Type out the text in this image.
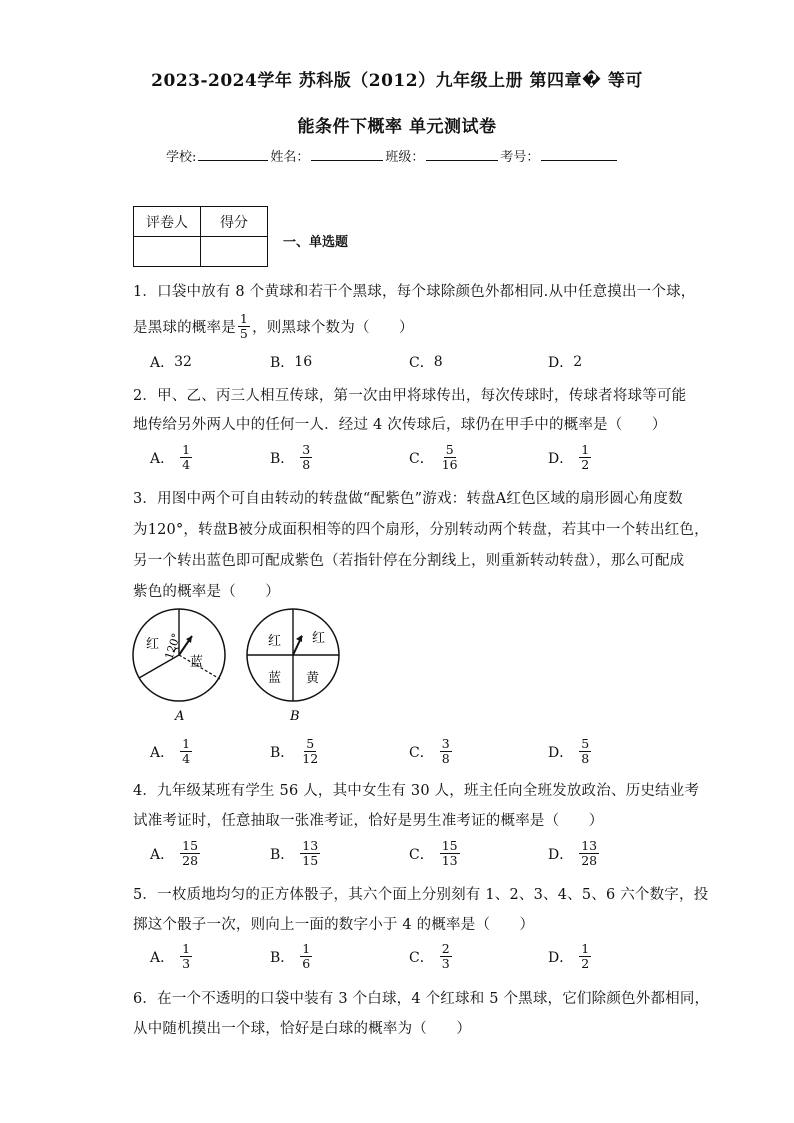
2023-2024学年 苏科版（2012）九年级上册 第四章� 等可
能条件下概率 单元测试卷
学校:	姓名：	班级：	考号：
评卷人	得分

一、单选题
1．口袋中放有 8 个黄球和若干个黑球，每个球除颜色外都相同.从中任意摸出一个球，
是黑球的概率是 $\frac{1}{5}$ ，则黑球个数为（　　）
A． 32	B． 16	C． 8	D． 2
2．甲、乙、丙三人相互传球，第一次由甲将球传出，每次传球时，传球者将球等可能
地传给另外两人中的任何一人．经过 4 次传球后，球仍在甲手中的概率是（　　）
A． $\frac{1}{4}$	B． $\frac{3}{8}$	C． $\frac{5}{16}$	D． $\frac{1}{2}$
3．用图中两个可自由转动的转盘做“配紫色”游戏：转盘A红色区域的扇形圆心角度数
为120°，转盘B被分成面积相等的四个扇形，分别转动两个转盘，若其中一个转出红色，
另一个转出蓝色即可配成紫色（若指针停在分割线上，则重新转动转盘），那么可配成
紫色的概率是（　　）
红
蓝
120°
A
红 红
蓝 黄
B
A． $\frac{1}{4}$	B． $\frac{5}{12}$	C． $\frac{3}{8}$	D． $\frac{5}{8}$
4．九年级某班有学生 56 人，其中女生有 30 人，班主任向全班发放政治、历史结业考
试准考证时，任意抽取一张准考证，恰好是男生准考证的概率是（　　）
A． $\frac{15}{28}$	B． $\frac{13}{15}$	C． $\frac{15}{13}$	D． $\frac{13}{28}$
5．一枚质地均匀的正方体骰子，其六个面上分别刻有 1、2、3、4、5、6 六个数字，投
掷这个骰子一次，则向上一面的数字小于 4 的概率是（　　）
A． $\frac{1}{3}$	B． $\frac{1}{6}$	C． $\frac{2}{3}$	D． $\frac{1}{2}$
6．在一个不透明的口袋中装有 3 个白球，4 个红球和 5 个黑球，它们除颜色外都相同，
从中随机摸出一个球，恰好是白球的概率为（　　）
